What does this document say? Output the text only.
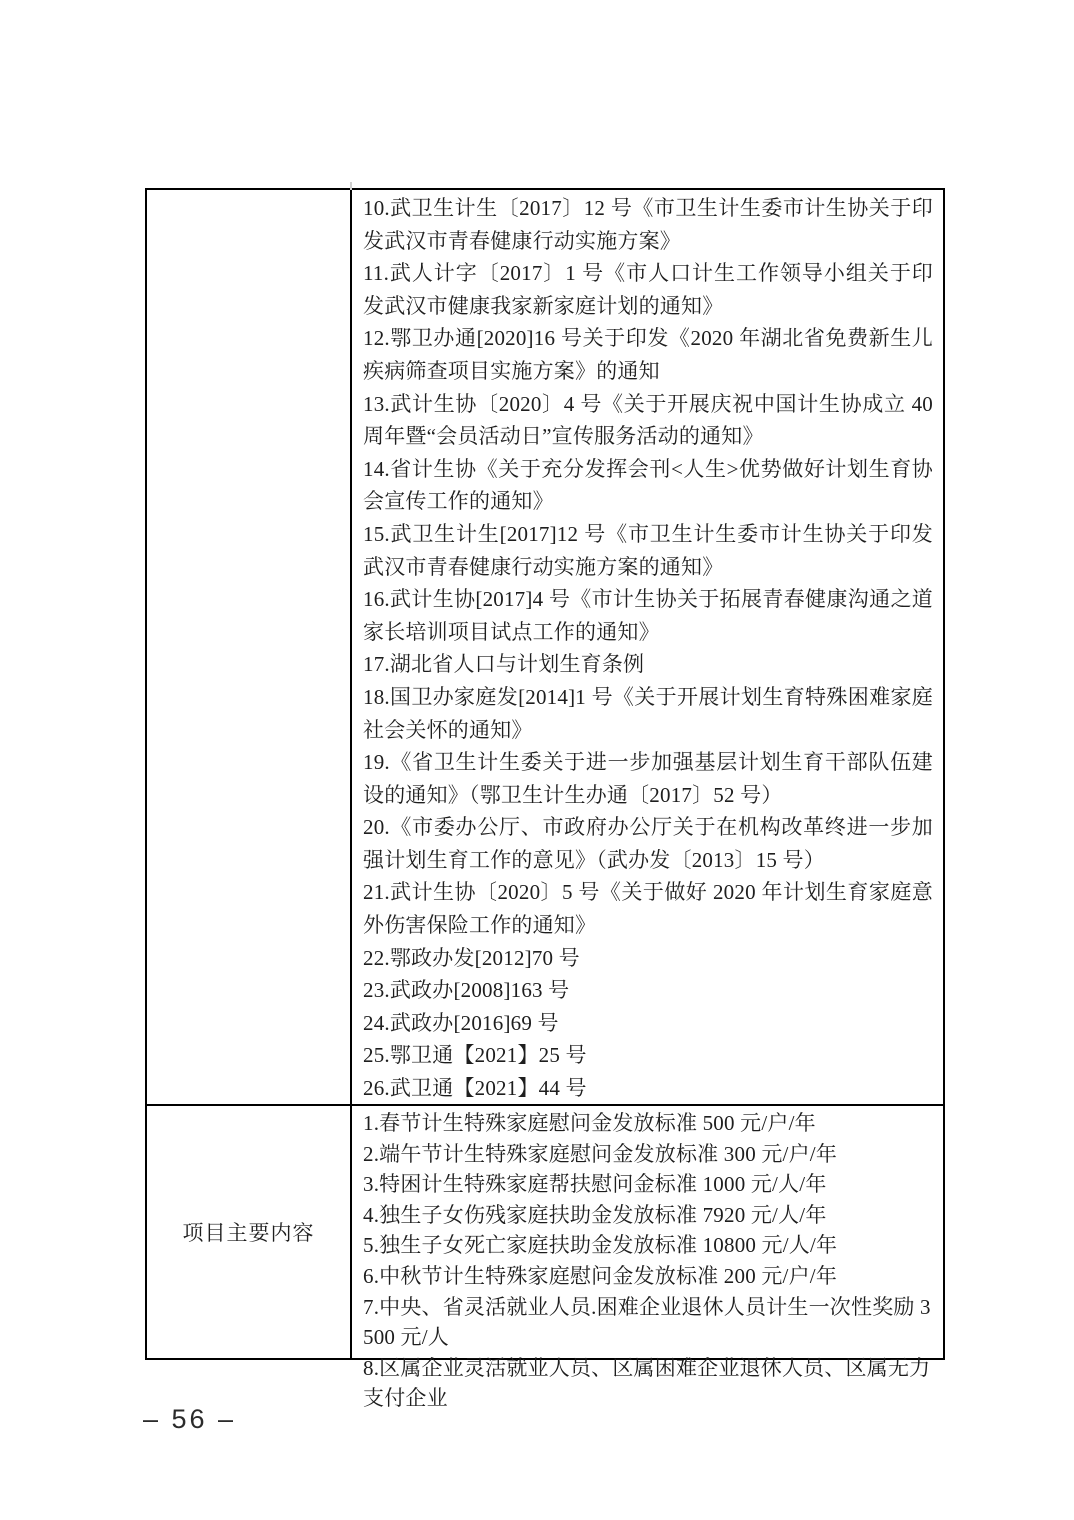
10.武卫生计生〔2017〕12 号《市卫生计生委市计生协关于印发武汉市青春健康行动实施方案》

11.武人计字〔2017〕1 号《市人口计生工作领导小组关于印发武汉市健康我家新家庭计划的通知》

12.鄂卫办通[2020]16 号关于印发《2020 年湖北省免费新生儿疾病筛查项目实施方案》的通知

13.武计生协〔2020〕4 号《关于开展庆祝中国计生协成立 40 周年暨“会员活动日”宣传服务活动的通知》

14.省计生协《关于充分发挥会刊<人生>优势做好计划生育协会宣传工作的通知》

15.武卫生计生[2017]12 号《市卫生计生委市计生协关于印发武汉市青春健康行动实施方案的通知》

16.武计生协[2017]4 号《市计生协关于拓展青春健康沟通之道家长培训项目试点工作的通知》

17.湖北省人口与计划生育条例

18.国卫办家庭发[2014]1 号《关于开展计划生育特殊困难家庭社会关怀的通知》

19.《省卫生计生委关于进一步加强基层计划生育干部队伍建设的通知》（鄂卫生计生办通〔2017〕52 号）

20.《市委办公厅、市政府办公厅关于在机构改革终进一步加强计划生育工作的意见》（武办发〔2013〕15 号）

21.武计生协〔2020〕5 号《关于做好 2020 年计划生育家庭意外伤害保险工作的通知》

22.鄂政办发[2012]70 号

23.武政办[2008]163 号

24.武政办[2016]69 号

25.鄂卫通【2021】25 号

26.武卫通【2021】44 号

项目主要内容

1.春节计生特殊家庭慰问金发放标准 500 元/户/年

2.端午节计生特殊家庭慰问金发放标准 300 元/户/年

3.特困计生特殊家庭帮扶慰问金标准 1000 元/人/年

4.独生子女伤残家庭扶助金发放标准 7920 元/人/年

5.独生子女死亡家庭扶助金发放标准 10800 元/人/年

6.中秋节计生特殊家庭慰问金发放标准 200 元/户/年

7.中央、省灵活就业人员.困难企业退休人员计生一次性奖励 3500 元/人

8.区属企业灵活就业人员、区属困难企业退休人员、区属无力支付企业

– 56 –
